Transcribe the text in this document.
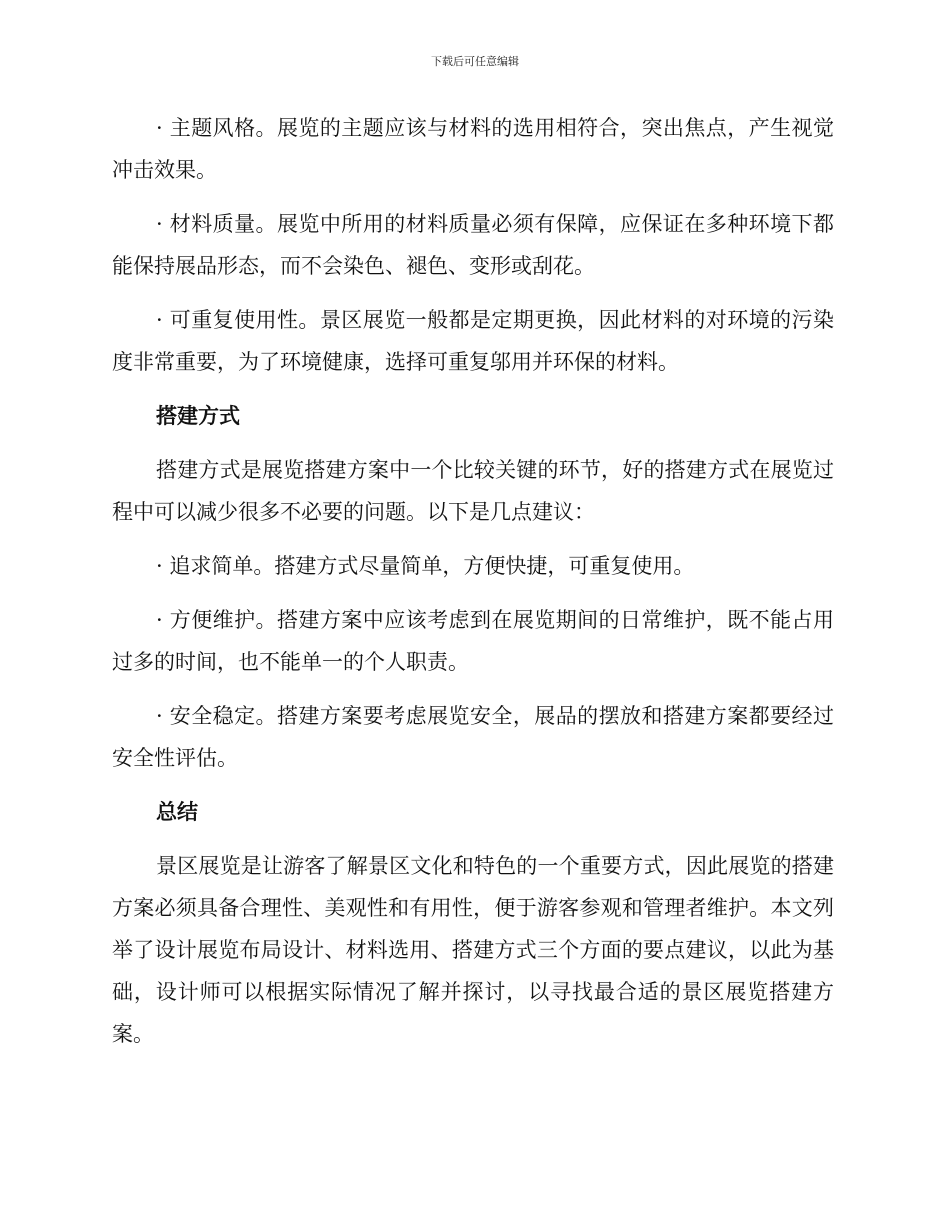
下载后可任意编辑

· 主题风格。展览的主题应该与材料的选用相符合，突出焦点，产生视觉冲击效果。

· 材料质量。展览中所用的材料质量必须有保障，应保证在多种环境下都能保持展品形态，而不会染色、褪色、变形或刮花。

· 可重复使用性。景区展览一般都是定期更换，因此材料的对环境的污染度非常重要，为了环境健康，选择可重复邬用并环保的材料。

搭建方式

搭建方式是展览搭建方案中一个比较关键的环节，好的搭建方式在展览过程中可以减少很多不必要的问题。以下是几点建议：

· 追求简单。搭建方式尽量简单，方便快捷，可重复使用。

· 方便维护。搭建方案中应该考虑到在展览期间的日常维护，既不能占用过多的时间，也不能单一的个人职责。

· 安全稳定。搭建方案要考虑展览安全，展品的摆放和搭建方案都要经过安全性评估。

总结

景区展览是让游客了解景区文化和特色的一个重要方式，因此展览的搭建方案必须具备合理性、美观性和有用性，便于游客参观和管理者维护。本文列举了设计展览布局设计、材料选用、搭建方式三个方面的要点建议，以此为基础，设计师可以根据实际情况了解并探讨，以寻找最合适的景区展览搭建方案。
